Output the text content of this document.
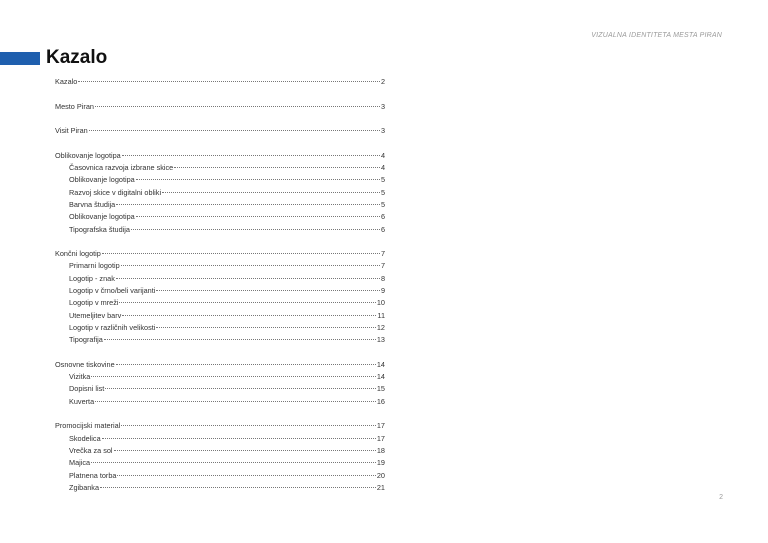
VIZUALNA IDENTITETA MESTA PIRAN
Kazalo
Kazalo	2
Mesto Piran	3
Visit Piran	3
Oblikovanje logotipa	4
Časovnica razvoja izbrane skice	4
Oblikovanje logotipa	5
Razvoj skice v digitalni obliki	5
Barvna študija	5
Oblikovanje logotipa	6
Tipografska študija	6
Končni logotip	7
Primarni logotip	7
Logotip - znak	8
Logotip v črno/beli varijanti	9
Logotip v mreži	10
Utemeljitev barv	11
Logotip v različnih velikosti	12
Tipografija	13
Osnovne tiskovine	14
Vizitka	14
Dopisni list	15
Kuverta	16
Promocijski material	17
Skodelica	17
Vrečka za sol	18
Majica	19
Platnena torba	20
Zgibanka	21
2
